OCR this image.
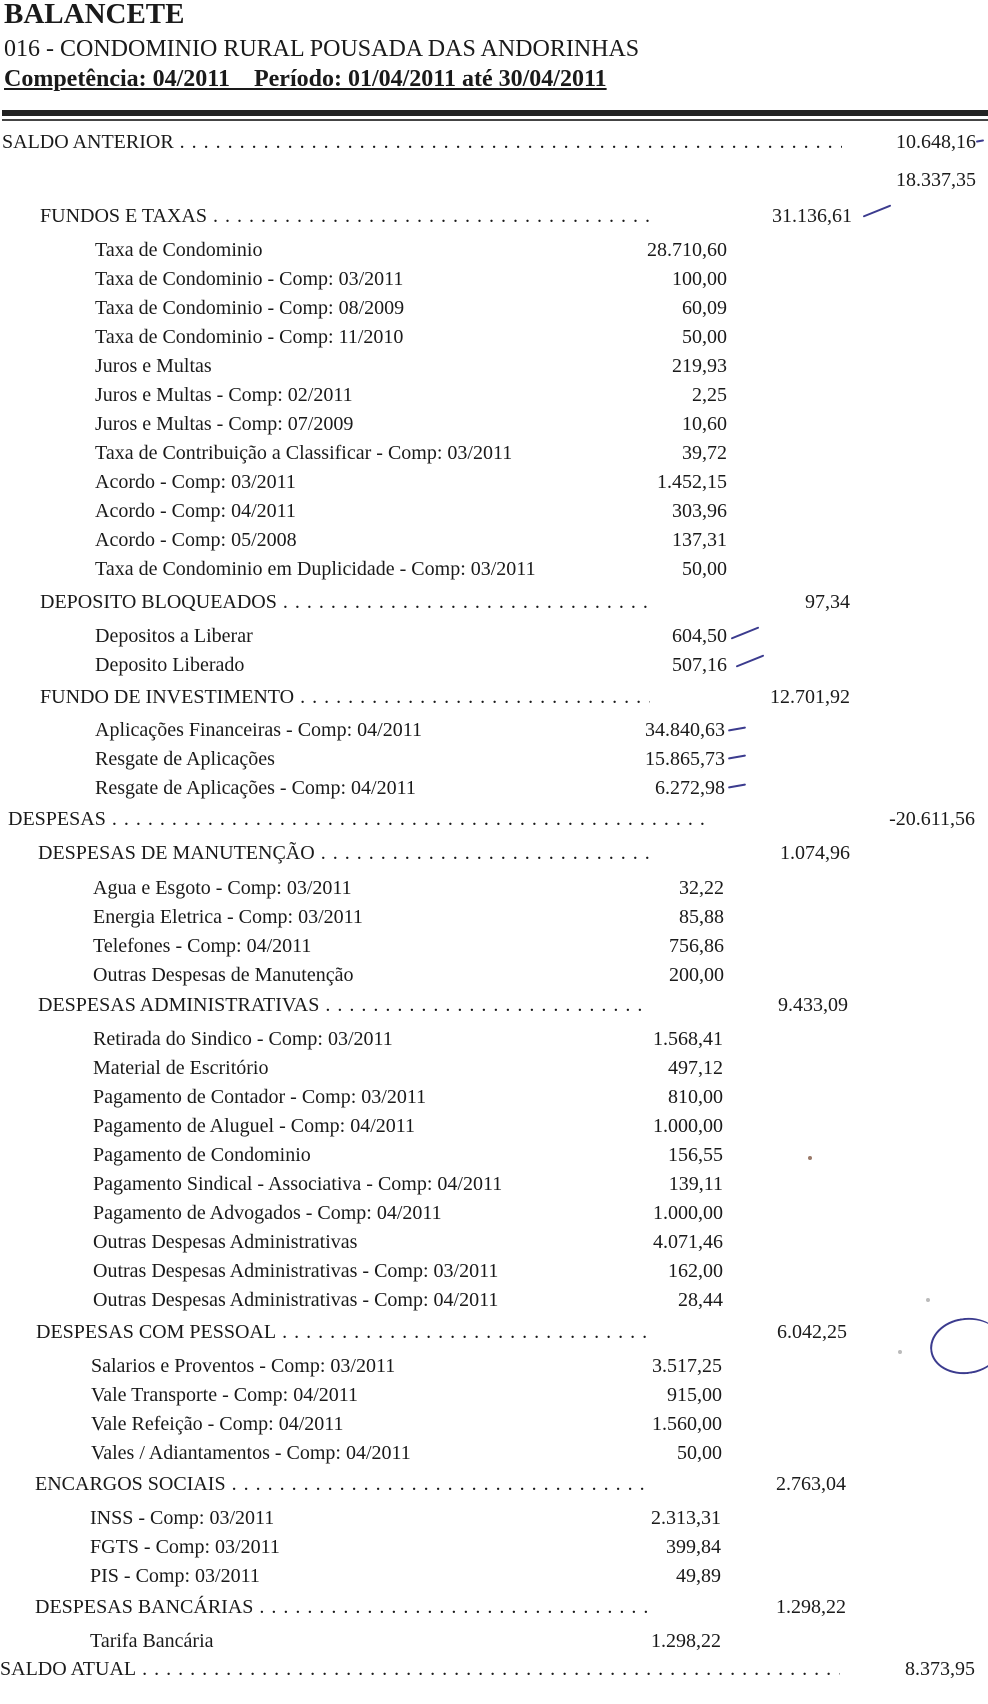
BALANCETE
016 - CONDOMINIO RURAL POUSADA DAS ANDORINHAS
Competência: 04/2011    Período: 01/04/2011 até 30/04/2011
SALDO ANTERIOR . . .	10.648,16
18.337,35
FUNDOS E TAXAS . . .	31.136,61
Taxa de Condominio	28.710,60
Taxa de Condominio - Comp: 03/2011	100,00
Taxa de Condominio - Comp: 08/2009	60,09
Taxa de Condominio - Comp: 11/2010	50,00
Juros e Multas	219,93
Juros e Multas - Comp: 02/2011	2,25
Juros e Multas - Comp: 07/2009	10,60
Taxa de Contribuição a Classificar - Comp: 03/2011	39,72
Acordo - Comp: 03/2011	1.452,15
Acordo - Comp: 04/2011	303,96
Acordo - Comp: 05/2008	137,31
Taxa de Condominio em Duplicidade - Comp: 03/2011	50,00
DEPOSITO BLOQUEADOS . . .	97,34
Depositos a Liberar	604,50
Deposito Liberado	507,16
FUNDO DE INVESTIMENTO . . .	12.701,92
Aplicações Financeiras - Comp: 04/2011	34.840,63
Resgate de Aplicações	15.865,73
Resgate de Aplicações - Comp: 04/2011	6.272,98
DESPESAS . . .	-20.611,56
DESPESAS DE MANUTENÇÃO . . .	1.074,96
Agua e Esgoto - Comp: 03/2011	32,22
Energia Eletrica - Comp: 03/2011	85,88
Telefones - Comp: 04/2011	756,86
Outras Despesas de Manutenção	200,00
DESPESAS ADMINISTRATIVAS . . .	9.433,09
Retirada do Sindico - Comp: 03/2011	1.568,41
Material de Escritório	497,12
Pagamento de Contador - Comp: 03/2011	810,00
Pagamento de Aluguel - Comp: 04/2011	1.000,00
Pagamento de Condominio	156,55
Pagamento Sindical - Associativa - Comp: 04/2011	139,11
Pagamento de Advogados - Comp: 04/2011	1.000,00
Outras Despesas Administrativas	4.071,46
Outras Despesas Administrativas - Comp: 03/2011	162,00
Outras Despesas Administrativas - Comp: 04/2011	28,44
DESPESAS COM PESSOAL . . .	6.042,25
Salarios e Proventos - Comp: 03/2011	3.517,25
Vale Transporte - Comp: 04/2011	915,00
Vale Refeição - Comp: 04/2011	1.560,00
Vales / Adiantamentos - Comp: 04/2011	50,00
ENCARGOS SOCIAIS . . .	2.763,04
INSS - Comp: 03/2011	2.313,31
FGTS - Comp: 03/2011	399,84
PIS - Comp: 03/2011	49,89
DESPESAS BANCÁRIAS . . .	1.298,22
Tarifa Bancária	1.298,22
SALDO ATUAL . . .	8.373,95
